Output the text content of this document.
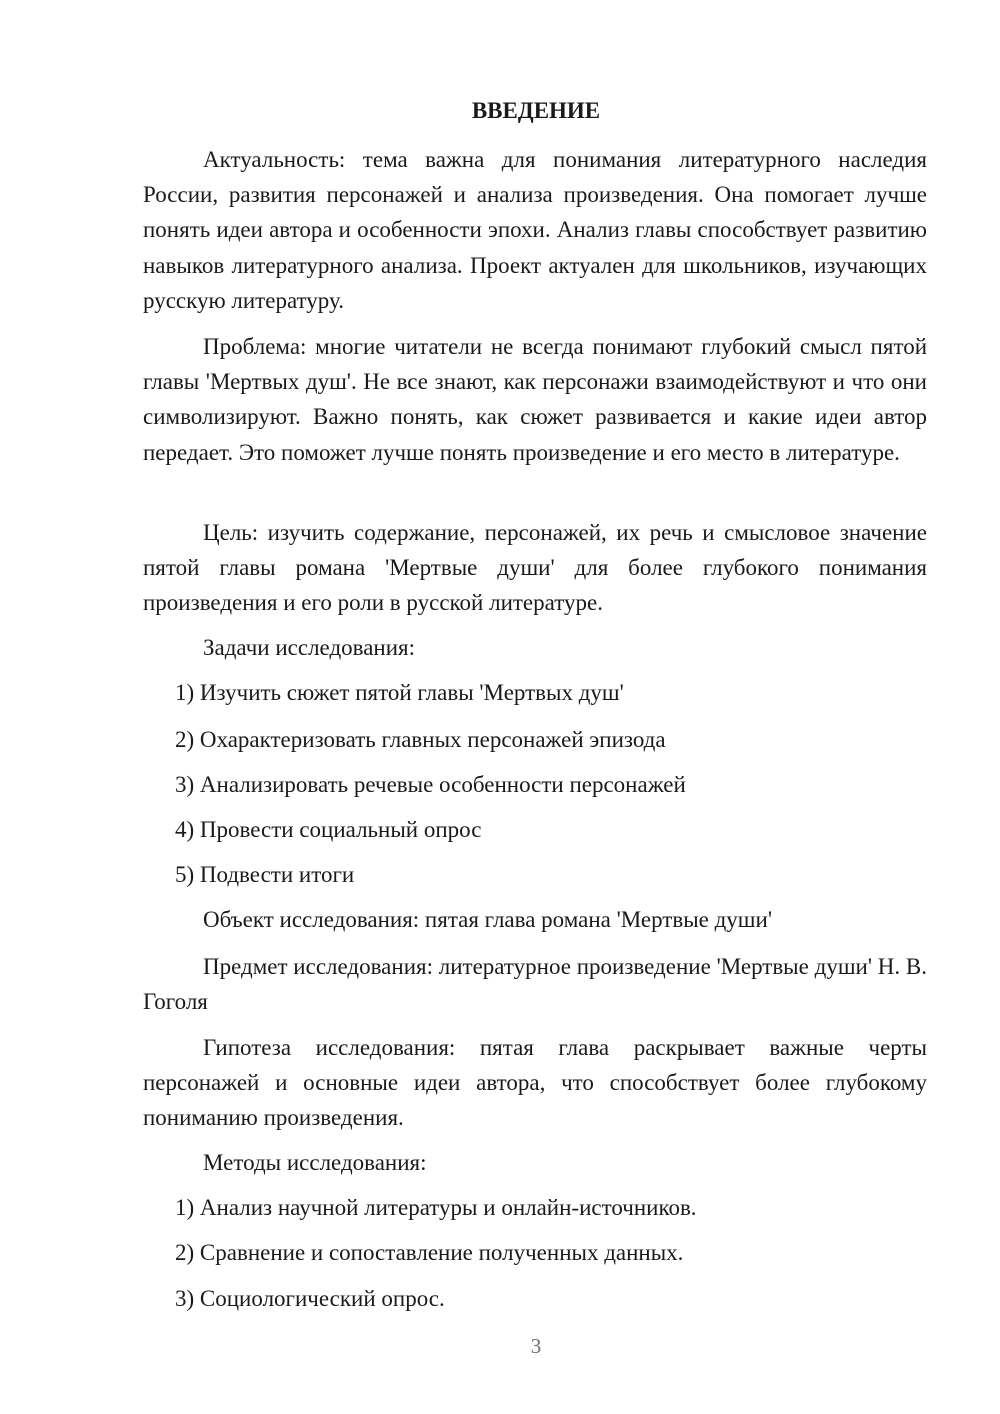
ВВЕДЕНИЕ

Актуальность: тема важна для понимания литературного наследия России, развития персонажей и анализа произведения. Она помогает лучше понять идеи автора и особенности эпохи. Анализ главы способствует развитию навыков литературного анализа. Проект актуален для школьников, изучающих русскую литературу.

Проблема: многие читатели не всегда понимают глубокий смысл пятой главы 'Мертвых душ'. Не все знают, как персонажи взаимодействуют и что они символизируют. Важно понять, как сюжет развивается и какие идеи автор передает. Это поможет лучше понять произведение и его место в литературе.

Цель: изучить содержание, персонажей, их речь и смысловое значение пятой главы романа 'Мертвые души' для более глубокого понимания произведения и его роли в русской литературе.

Задачи исследования:
1) Изучить сюжет пятой главы 'Мертвых душ'
2) Охарактеризовать главных персонажей эпизода
3) Анализировать речевые особенности персонажей
4) Провести социальный опрос
5) Подвести итоги
Объект исследования: пятая глава романа 'Мертвые души'

Предмет исследования: литературное произведение 'Мертвые души' Н. В. Гоголя

Гипотеза исследования: пятая глава раскрывает важные черты персонажей и основные идеи автора, что способствует более глубокому пониманию произведения.

Методы исследования:
1) Анализ научной литературы и онлайн-источников.
2) Сравнение и сопоставление полученных данных.
3) Социологический опрос.
3
